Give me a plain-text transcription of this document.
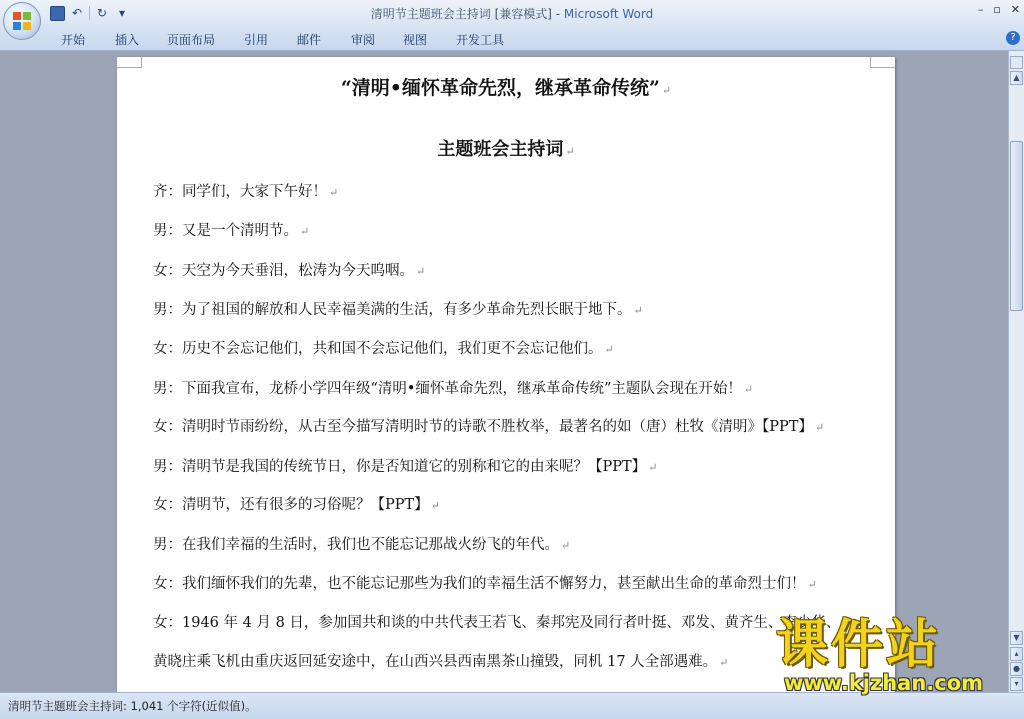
↶ ↻ ▾	清明节主题班会主持词 [兼容模式] - Microsoft Word	– ▫ ✕
开始 插入 页面布局 引用 邮件 审阅 视图 开发工具	?
“清明•缅怀革命先烈，继承革命传统” ↵
主题班会主持词 ↵
齐：同学们，大家下午好！ ↵
男：又是一个清明节。 ↵
女：天空为今天垂泪，松涛为今天呜咽。 ↵
男：为了祖国的解放和人民幸福美满的生活，有多少革命先烈长眠于地下。 ↵
女：历史不会忘记他们，共和国不会忘记他们，我们更不会忘记他们。 ↵
男：下面我宣布，龙桥小学四年级“清明•缅怀革命先烈，继承革命传统”主题队会现在开始！ ↵
女：清明时节雨纷纷，从古至今描写清明时节的诗歌不胜枚举，最著名的如（唐）杜牧《清明》【PPT】 ↵
男：清明节是我国的传统节日，你是否知道它的别称和它的由来呢？【PPT】 ↵
女：清明节，还有很多的习俗呢？【PPT】 ↵
男：在我们幸福的生活时，我们也不能忘记那战火纷飞的年代。 ↵
女：我们缅怀我们的先辈，也不能忘记那些为我们的幸福生活不懈努力，甚至献出生命的革命烈士们！ ↵
女：1946 年 4 月 8 日，参加国共和谈的中共代表王若飞、秦邦宪及同行者叶挺、邓发、黄齐生、李少华、
黄晓庄乘飞机由重庆返回延安途中，在山西兴县西南黑茶山撞毁，同机 17 人全部遇难。 ↵
▲
▼
▴
●
▾
清明节主题班会主持词: 1,041 个字符(近似值)。
课件站
www.kjzhan.com
